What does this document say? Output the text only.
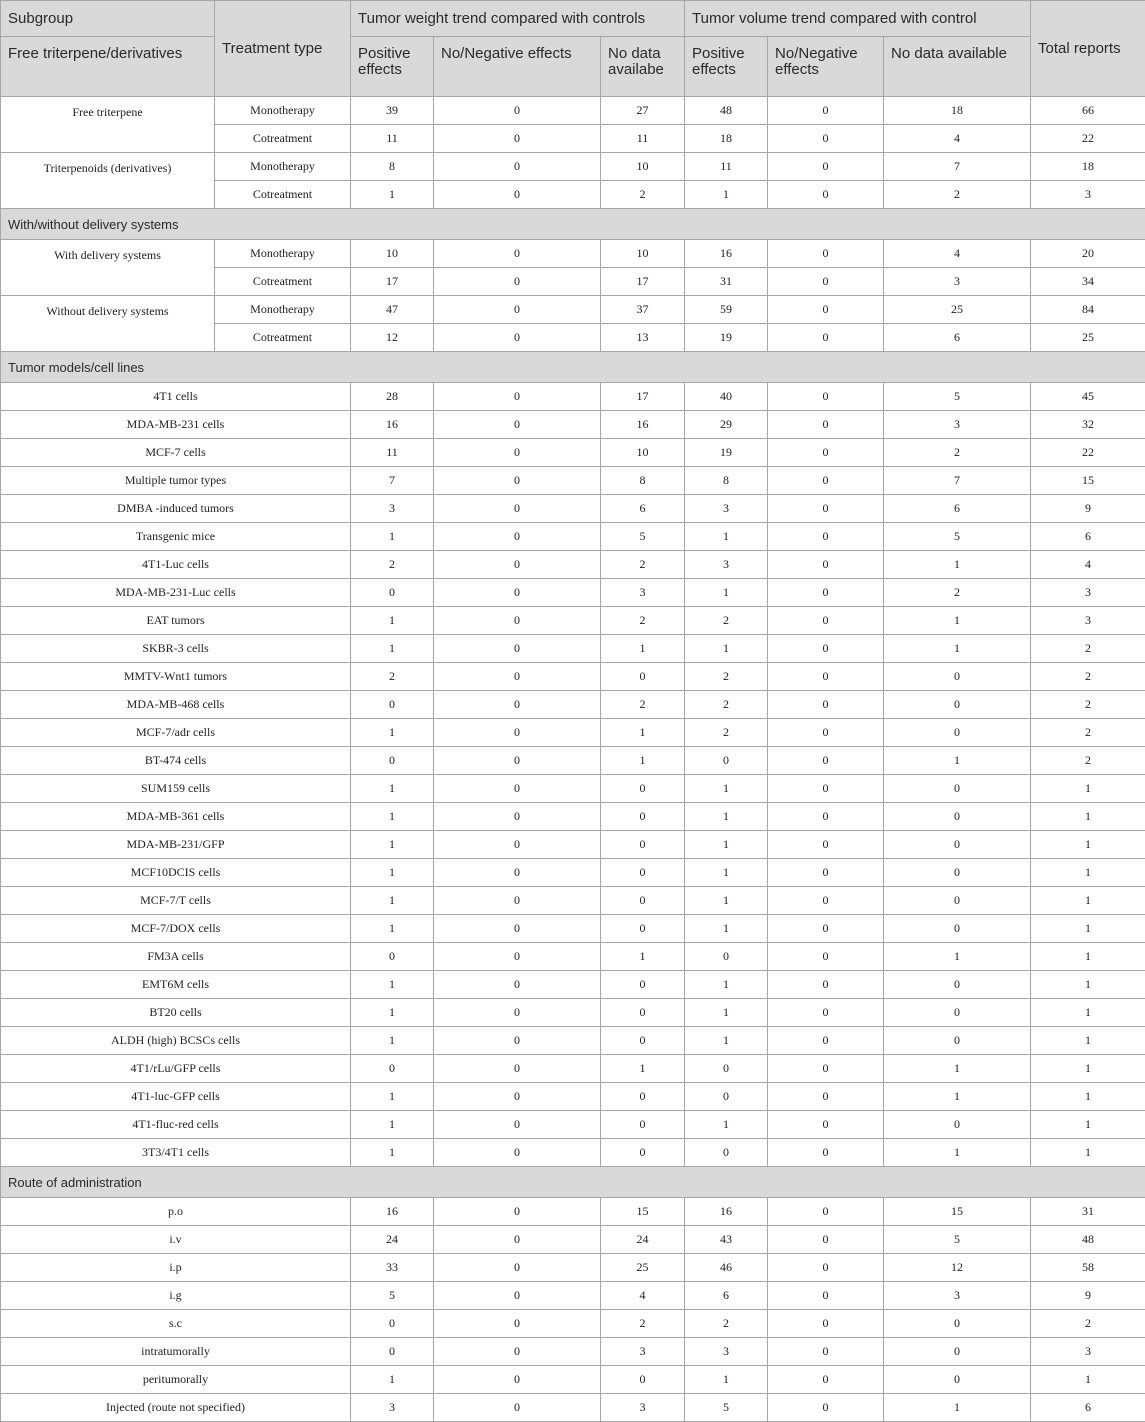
Subgroup	Treatment type	Tumor weight trend compared with controls			Tumor volume trend compared with control			Total reports
Free triterpene/derivatives		Positive effects	No/Negative effects	No data availabe	Positive effects	No/Negative effects	No data available	
Free triterpene	Monotherapy	39	0	27	48	0	18	66
	Cotreatment	11	0	11	18	0	4	22
Triterpenoids (derivatives)	Monotherapy	8	0	10	11	0	7	18
	Cotreatment	1	0	2	1	0	2	3
With/without delivery systems								
With delivery systems	Monotherapy	10	0	10	16	0	4	20
	Cotreatment	17	0	17	31	0	3	34
Without delivery systems	Monotherapy	47	0	37	59	0	25	84
	Cotreatment	12	0	13	19	0	6	25
Tumor models/cell lines								
4T1 cells		28	0	17	40	0	5	45
MDA-MB-231 cells		16	0	16	29	0	3	32
MCF-7 cells		11	0	10	19	0	2	22
Multiple tumor types		7	0	8	8	0	7	15
DMBA -induced tumors		3	0	6	3	0	6	9
Transgenic mice		1	0	5	1	0	5	6
4T1-Luc cells		2	0	2	3	0	1	4
MDA-MB-231-Luc cells		0	0	3	1	0	2	3
EAT tumors		1	0	2	2	0	1	3
SKBR-3 cells		1	0	1	1	0	1	2
MMTV-Wnt1 tumors		2	0	0	2	0	0	2
MDA-MB-468 cells		0	0	2	2	0	0	2
MCF-7/adr cells		1	0	1	2	0	0	2
BT-474 cells		0	0	1	0	0	1	2
SUM159 cells		1	0	0	1	0	0	1
MDA-MB-361 cells		1	0	0	1	0	0	1
MDA-MB-231/GFP		1	0	0	1	0	0	1
MCF10DCIS cells		1	0	0	1	0	0	1
MCF-7/T cells		1	0	0	1	0	0	1
MCF-7/DOX cells		1	0	0	1	0	0	1
FM3A cells		0	0	1	0	0	1	1
EMT6M cells		1	0	0	1	0	0	1
BT20 cells		1	0	0	1	0	0	1
ALDH (high) BCSCs cells		1	0	0	1	0	0	1
4T1/rLu/GFP cells		0	0	1	0	0	1	1
4T1-luc-GFP cells		1	0	0	0	0	1	1
4T1-fluc-red cells		1	0	0	1	0	0	1
3T3/4T1 cells		1	0	0	0	0	1	1
Route of administration								
p.o		16	0	15	16	0	15	31
i.v		24	0	24	43	0	5	48
i.p		33	0	25	46	0	12	58
i.g		5	0	4	6	0	3	9
s.c		0	0	2	2	0	0	2
intratumorally		0	0	3	3	0	0	3
peritumorally		1	0	0	1	0	0	1
Injected (route not specified)		3	0	3	5	0	1	6
